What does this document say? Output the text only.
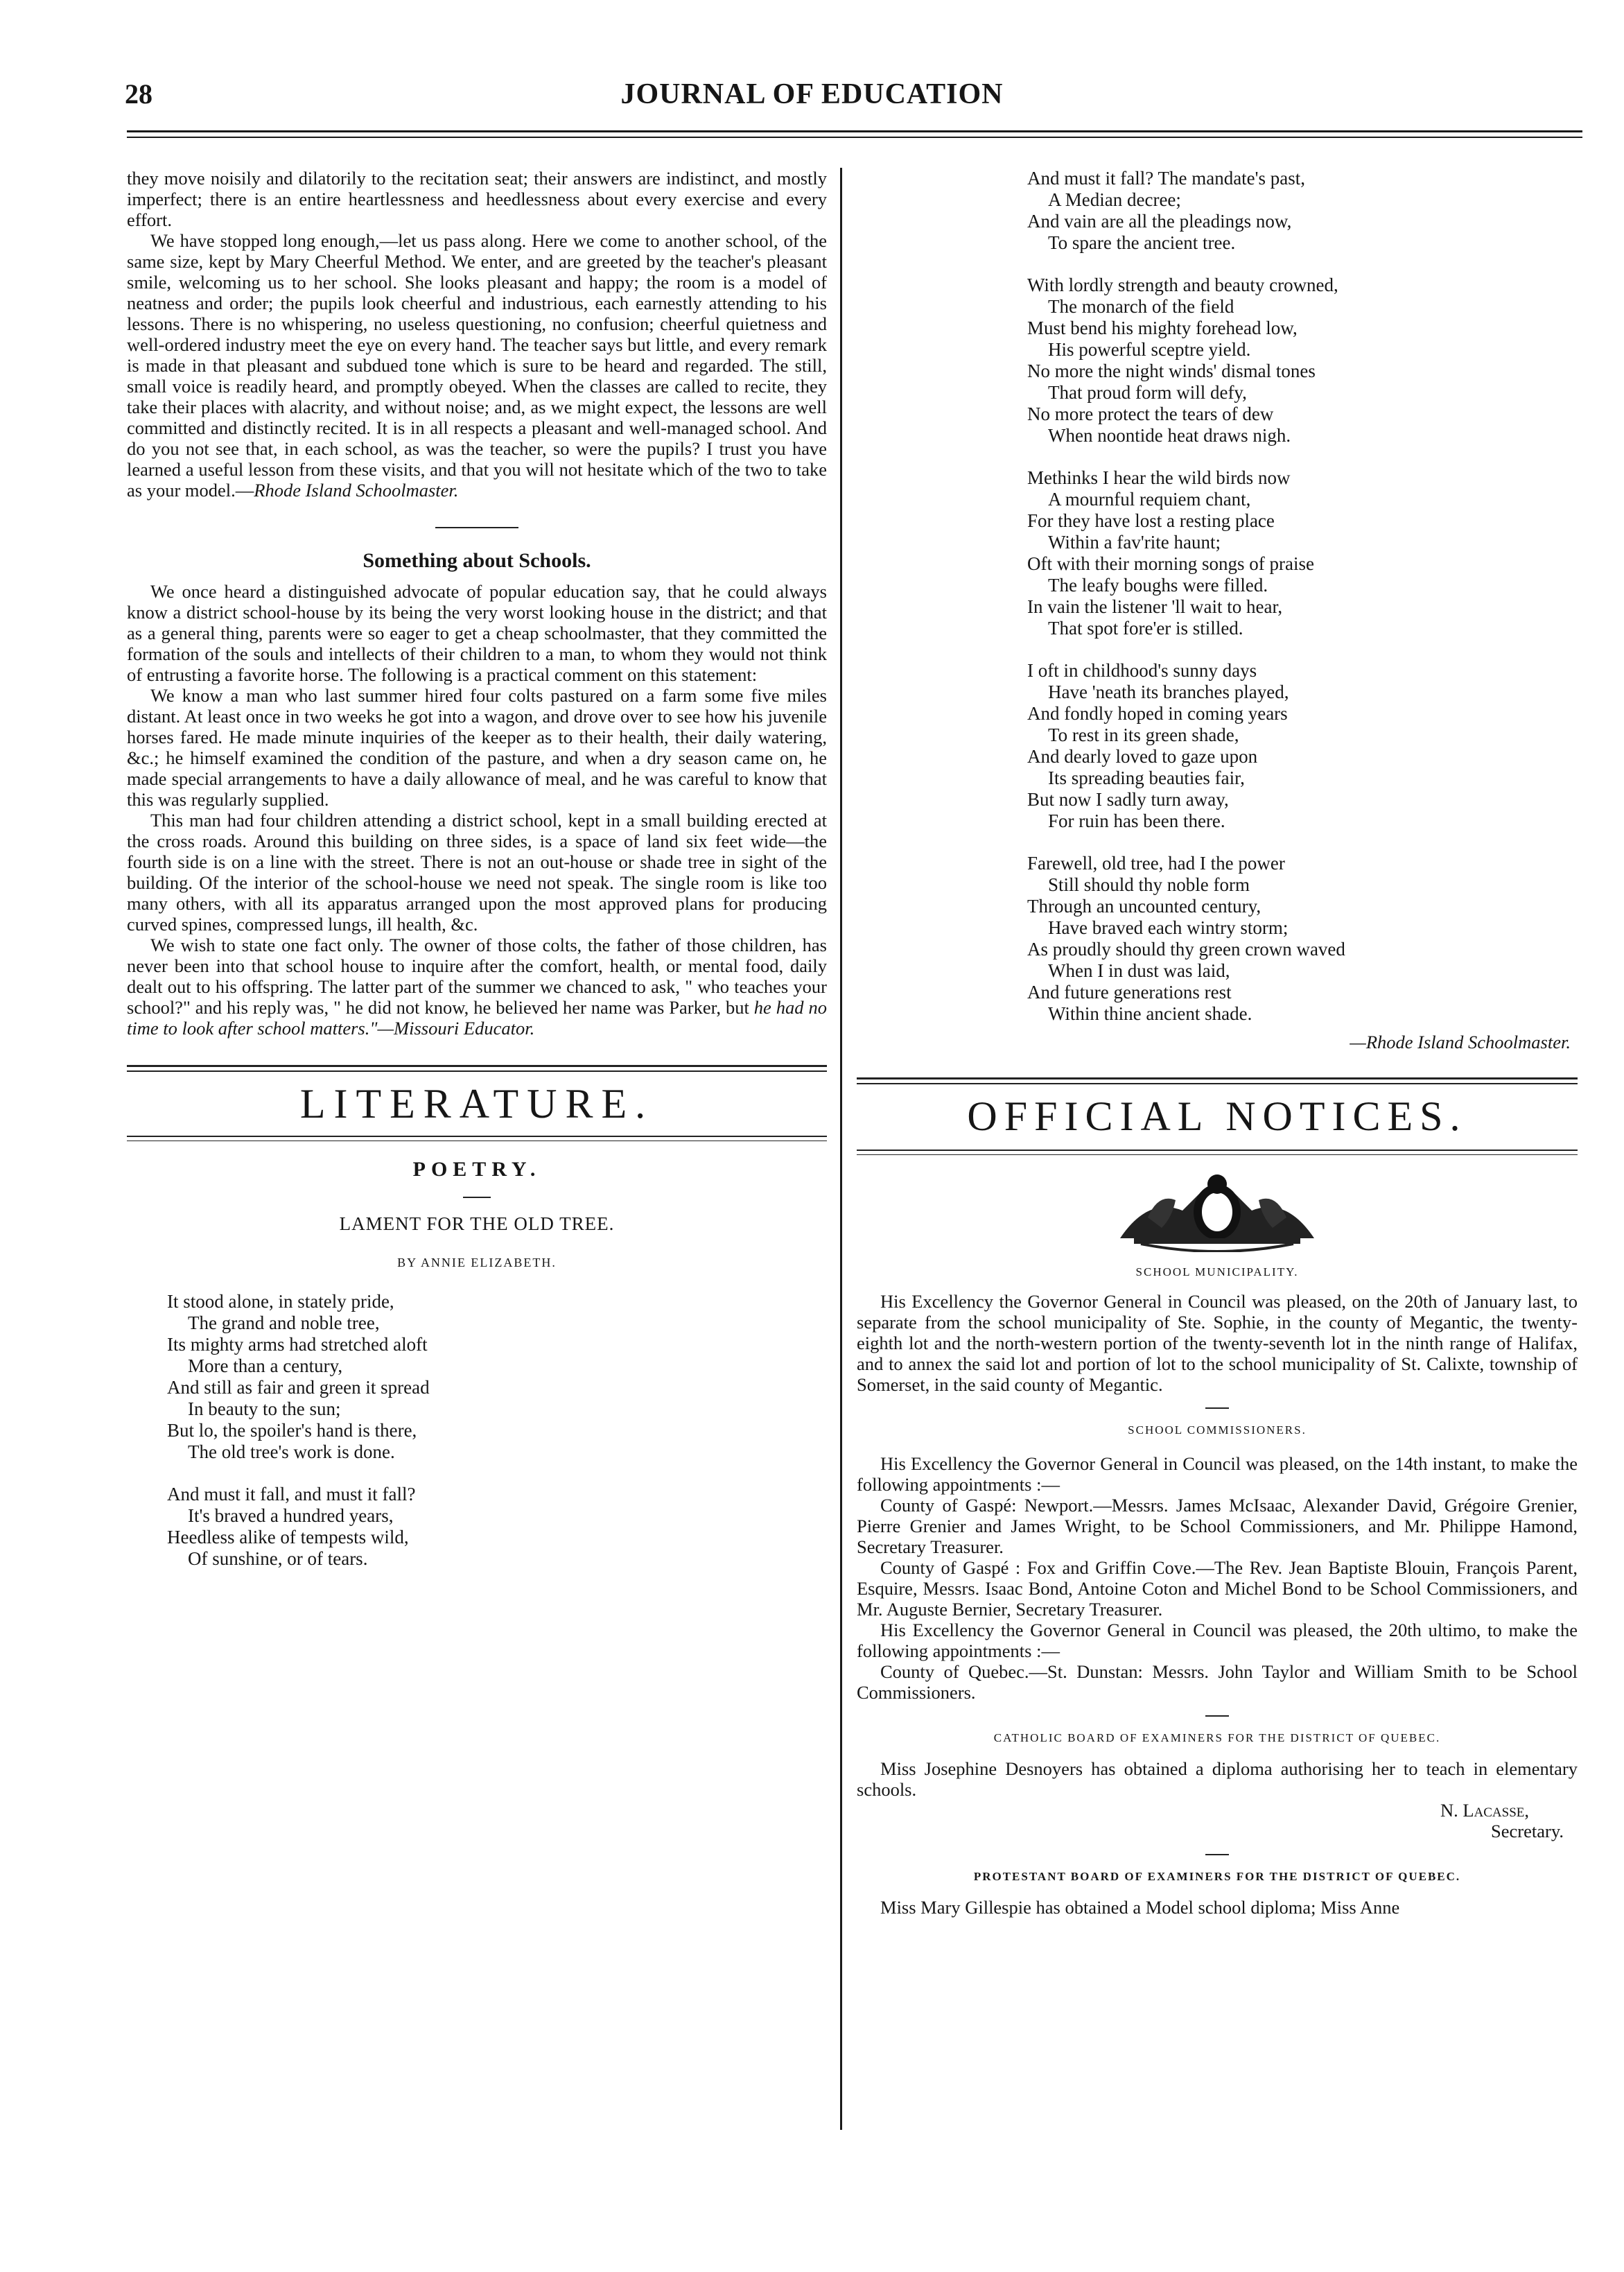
28	JOURNAL OF EDUCATION

they move noisily and dilatorily to the recitation seat; their answers are indistinct, and mostly imperfect; there is an entire heartlessness and heedlessness about every exercise and every effort.

We have stopped long enough,—let us pass along. Here we come to another school, of the same size, kept by Mary Cheerful Method. We enter, and are greeted by the teacher's pleasant smile, welcoming us to her school. She looks pleasant and happy; the room is a model of neatness and order; the pupils look cheerful and industrious, each earnestly attending to his lessons. There is no whispering, no useless questioning, no confusion; cheerful quietness and well-ordered industry meet the eye on every hand. The teacher says but little, and every remark is made in that pleasant and subdued tone which is sure to be heard and regarded. The still, small voice is readily heard, and promptly obeyed. When the classes are called to recite, they take their places with alacrity, and without noise; and, as we might expect, the lessons are well committed and distinctly recited. It is in all respects a pleasant and well-managed school. And do you not see that, in each school, as was the teacher, so were the pupils? I trust you have learned a useful lesson from these visits, and that you will not hesitate which of the two to take as your model.—Rhode Island Schoolmaster.

Something about Schools.

We once heard a distinguished advocate of popular education say, that he could always know a district school-house by its being the very worst looking house in the district; and that as a general thing, parents were so eager to get a cheap schoolmaster, that they committed the formation of the souls and intellects of their children to a man, to whom they would not think of entrusting a favorite horse. The following is a practical comment on this statement:

We know a man who last summer hired four colts pastured on a farm some five miles distant. At least once in two weeks he got into a wagon, and drove over to see how his juvenile horses fared. He made minute inquiries of the keeper as to their health, their daily watering, &c.; he himself examined the condition of the pasture, and when a dry season came on, he made special arrangements to have a daily allowance of meal, and he was careful to know that this was regularly supplied.

This man had four children attending a district school, kept in a small building erected at the cross roads. Around this building on three sides, is a space of land six feet wide—the fourth side is on a line with the street. There is not an out-house or shade tree in sight of the building. Of the interior of the school-house we need not speak. The single room is like too many others, with all its apparatus arranged upon the most approved plans for producing curved spines, compressed lungs, ill health, &c.

We wish to state one fact only. The owner of those colts, the father of those children, has never been into that school house to inquire after the comfort, health, or mental food, daily dealt out to his offspring. The latter part of the summer we chanced to ask, " who teaches your school?" and his reply was, " he did not know, he believed her name was Parker, but he had no time to look after school matters."—Missouri Educator.

LITERATURE.
POETRY.
LAMENT FOR THE OLD TREE.
BY ANNIE ELIZABETH.
It stood alone, in stately pride,
The grand and noble tree,
Its mighty arms had stretched aloft
More than a century,
And still as fair and green it spread
In beauty to the sun;
But lo, the spoiler's hand is there,
The old tree's work is done.
And must it fall, and must it fall?
It's braved a hundred years,
Heedless alike of tempests wild,
Of sunshine, or of tears.
And must it fall? The mandate's past,
A Median decree;
And vain are all the pleadings now,
To spare the ancient tree.
With lordly strength and beauty crowned,
The monarch of the field
Must bend his mighty forehead low,
His powerful sceptre yield.
No more the night winds' dismal tones
That proud form will defy,
No more protect the tears of dew
When noontide heat draws nigh.
Methinks I hear the wild birds now
A mournful requiem chant,
For they have lost a resting place
Within a fav'rite haunt;
Oft with their morning songs of praise
The leafy boughs were filled.
In vain the listener 'll wait to hear,
That spot fore'er is stilled.
I oft in childhood's sunny days
Have 'neath its branches played,
And fondly hoped in coming years
To rest in its green shade,
And dearly loved to gaze upon
Its spreading beauties fair,
But now I sadly turn away,
For ruin has been there.
Farewell, old tree, had I the power
Still should thy noble form
Through an uncounted century,
Have braved each wintry storm;
As proudly should thy green crown waved
When I in dust was laid,
And future generations rest
Within thine ancient shade.
—Rhode Island Schoolmaster.
OFFICIAL NOTICES.
SCHOOL MUNICIPALITY.

His Excellency the Governor General in Council was pleased, on the 20th of January last, to separate from the school municipality of Ste. Sophie, in the county of Megantic, the twenty-eighth lot and the north-western portion of the twenty-seventh lot in the ninth range of Halifax, and to annex the said lot and portion of lot to the school municipality of St. Calixte, township of Somerset, in the said county of Megantic.

SCHOOL COMMISSIONERS.

His Excellency the Governor General in Council was pleased, on the 14th instant, to make the following appointments :—

County of Gaspé: Newport.—Messrs. James McIsaac, Alexander David, Grégoire Grenier, Pierre Grenier and James Wright, to be School Commissioners, and Mr. Philippe Hamond, Secretary Treasurer.

County of Gaspé : Fox and Griffin Cove.—The Rev. Jean Baptiste Blouin, François Parent, Esquire, Messrs. Isaac Bond, Antoine Coton and Michel Bond to be School Commissioners, and Mr. Auguste Bernier, Secretary Treasurer.

His Excellency the Governor General in Council was pleased, the 20th ultimo, to make the following appointments :—

County of Quebec.—St. Dunstan: Messrs. John Taylor and William Smith to be School Commissioners.

CATHOLIC BOARD OF EXAMINERS FOR THE DISTRICT OF QUEBEC.

Miss Josephine Desnoyers has obtained a diploma authorising her to teach in elementary schools.

N. Lacasse,
Secretary.
PROTESTANT BOARD OF EXAMINERS FOR THE DISTRICT OF QUEBEC.

Miss Mary Gillespie has obtained a Model school diploma; Miss Anne
